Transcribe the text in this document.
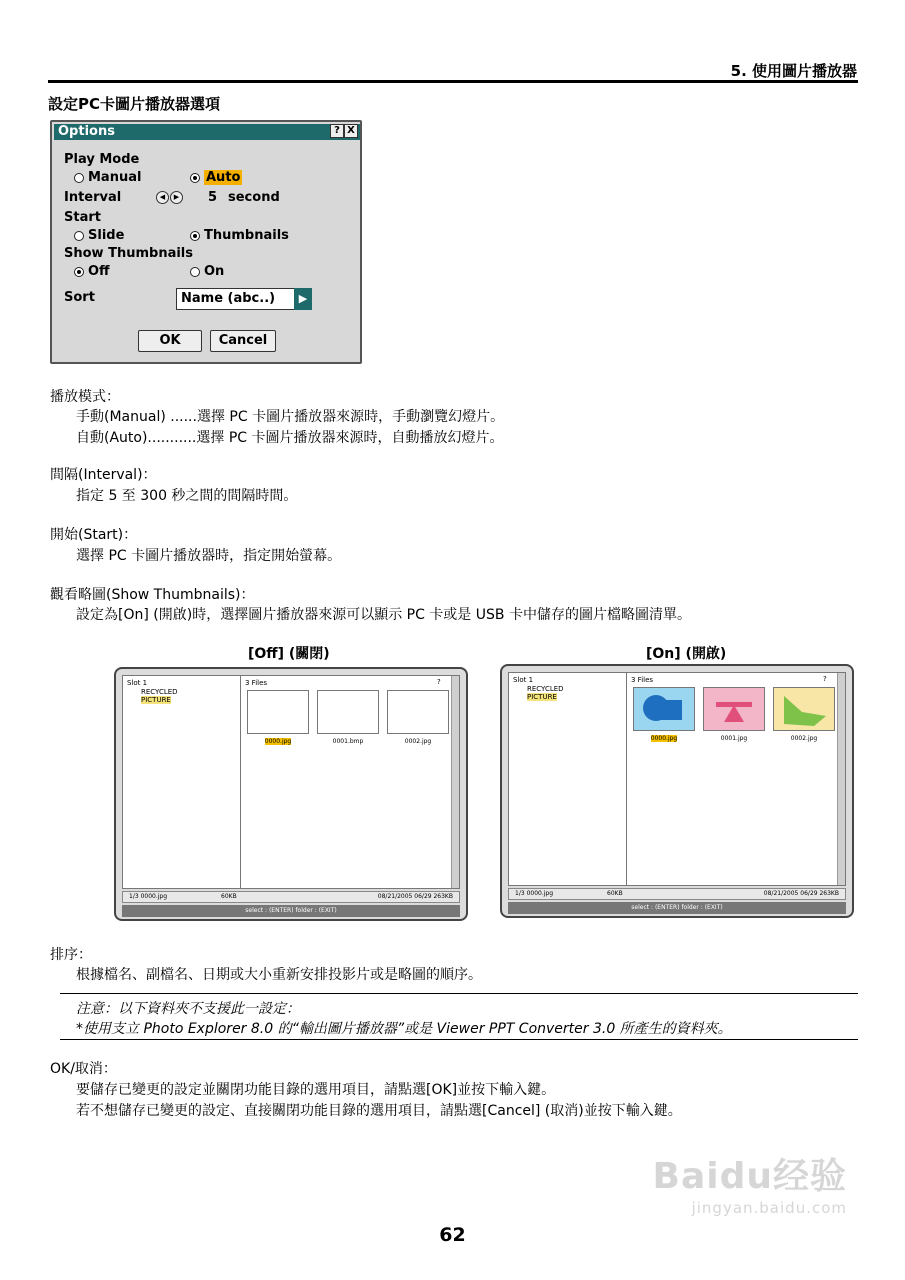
5. 使用圖片播放器
設定PC卡圖片播放器選項
Options	? X
Play Mode
Manual	Auto
Interval	◀	▶ 5 second
Start
Slide	Thumbnails
Show Thumbnails
Off	On
Sort	Name (abc..)	▶
OK	Cancel
播放模式：
手動(Manual) ......選擇 PC 卡圖片播放器來源時，手動瀏覽幻燈片。
自動(Auto)...........選擇 PC 卡圖片播放器來源時，自動播放幻燈片。
間隔(Interval)：
指定 5 至 300 秒之間的間隔時間。
開始(Start)：
選擇 PC 卡圖片播放器時，指定開始螢幕。
觀看略圖(Show Thumbnails)：
設定為[On] (開啟)時，選擇圖片播放器來源可以顯示 PC 卡或是 USB 卡中儲存的圖片檔略圖清單。
[Off] (關閉)	[On] (開啟)
Slot 1
RECYCLED
PICTURE
3 Files	?
0000.jpg	0001.bmp	0002.jpg
1/3 0000.jpg	60KB	08/21/2005 06/29 263KB
select : (ENTER) folder : (EXIT)
Slot 1
RECYCLED
PICTURE
3 Files	?
0000.jpg	0001.jpg	0002.jpg
1/3 0000.jpg	60KB	08/21/2005 06/29 263KB
select : (ENTER) folder : (EXIT)
排序：
根據檔名、副檔名、日期或大小重新安排投影片或是略圖的順序。
注意：以下資料夾不支援此一設定：
*使用支立 Photo Explorer 8.0 的“輸出圖片播放器”或是 Viewer PPT Converter 3.0 所產生的資料夾。
OK/取消：
要儲存已變更的設定並關閉功能目錄的選用項目，請點選[OK]並按下輸入鍵。
若不想儲存已變更的設定、直接關閉功能目錄的選用項目，請點選[Cancel] (取消)並按下輸入鍵。
Baidu经验
jingyan.baidu.com
62
